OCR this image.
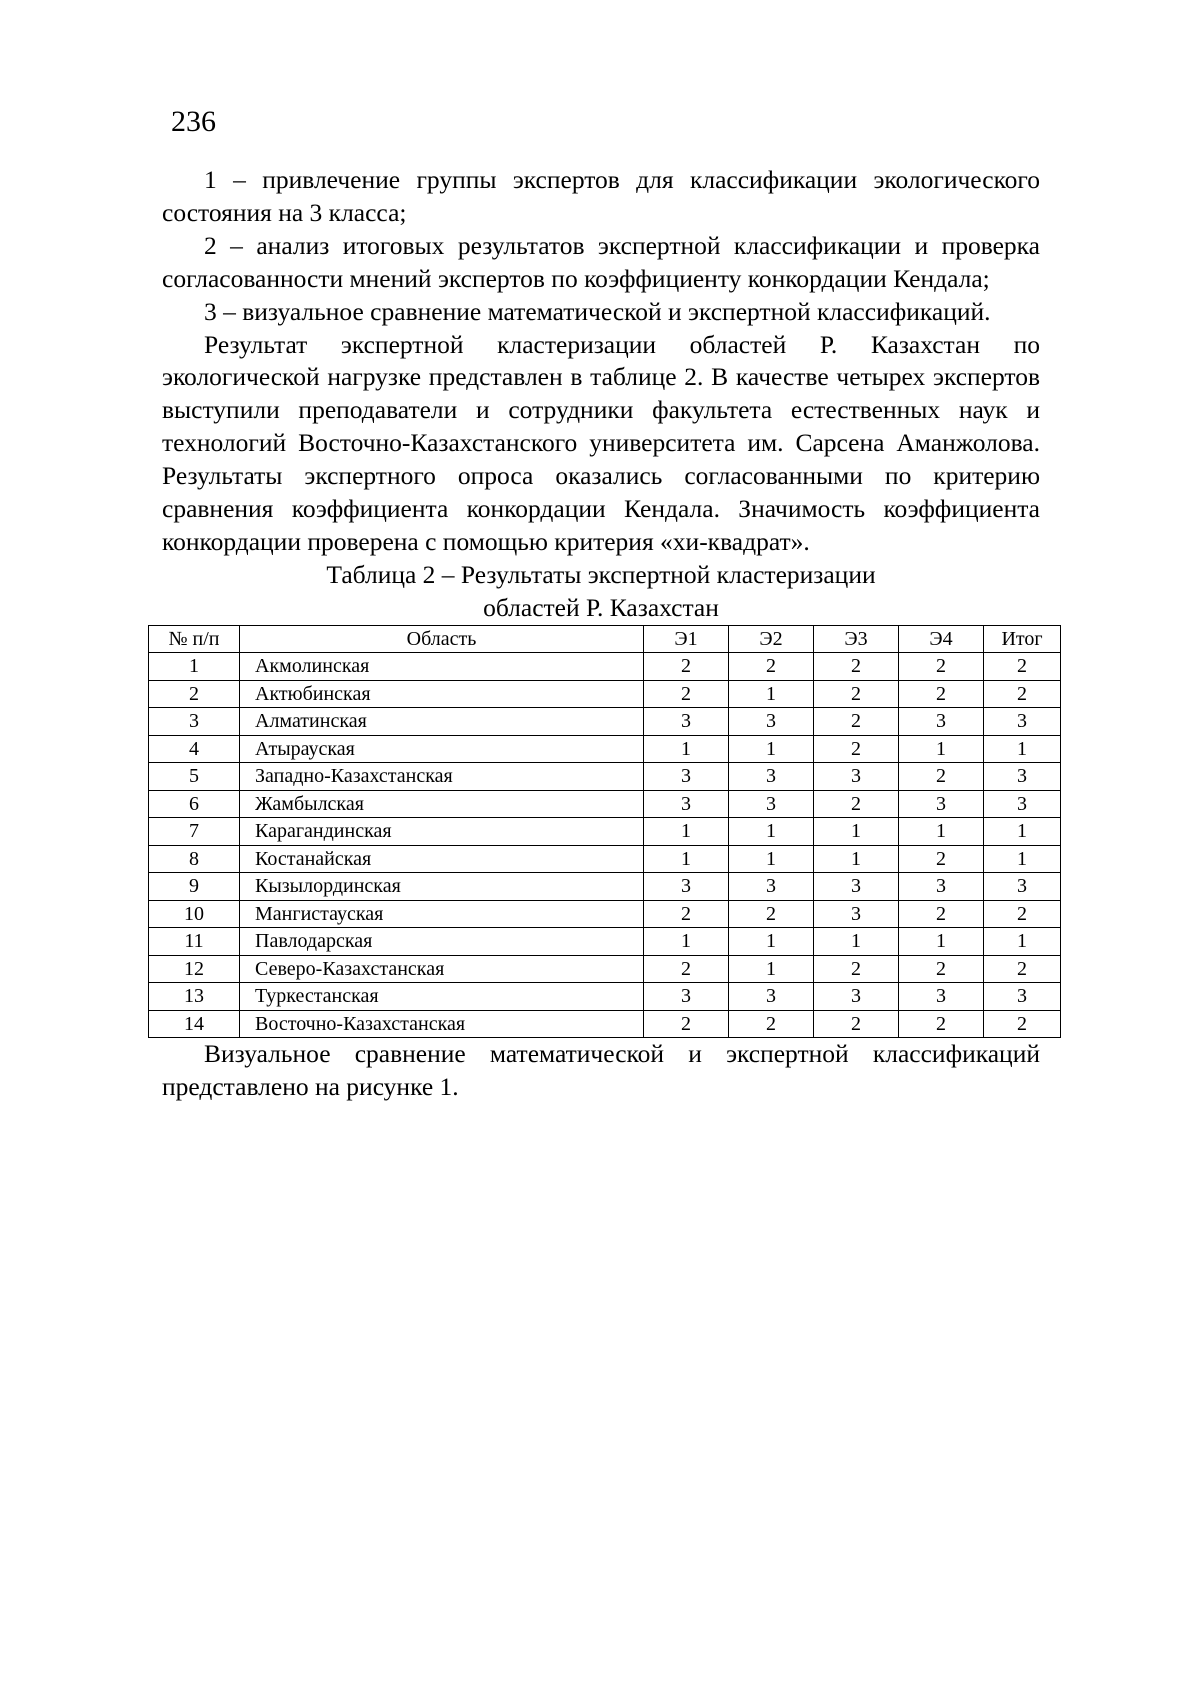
236

1 – привлечение группы экспертов для классификации экологического состояния на 3 класса;

2 – анализ итоговых результатов экспертной классификации и проверка согласованности мнений экспертов по коэффициенту конкордации Кендала;

3 – визуальное сравнение математической и экспертной классификаций.

Результат экспертной кластеризации областей Р. Казахстан по экологической нагрузке представлен в таблице 2. В качестве четырех экспертов выступили преподаватели и сотрудники факультета естественных наук и технологий Восточно-Казахстанского университета им. Сарсена Аманжолова. Результаты экспертного опроса оказались согласованными по критерию сравнения коэффициента конкордации Кендала. Значимость коэффициента конкордации проверена с помощью критерия «хи-квадрат».

Таблица 2 – Результаты экспертной кластеризации

областей Р. Казахстан

№ п/п	Область	Э1	Э2	Э3	Э4	Итог
1	Акмолинская	2	2	2	2	2
2	Актюбинская	2	1	2	2	2
3	Алматинская	3	3	2	3	3
4	Атырауская	1	1	2	1	1
5	Западно-Казахстанская	3	3	3	2	3
6	Жамбылская	3	3	2	3	3
7	Карагандинская	1	1	1	1	1
8	Костанайская	1	1	1	2	1
9	Кызылординская	3	3	3	3	3
10	Мангистауская	2	2	3	2	2
11	Павлодарская	1	1	1	1	1
12	Северо-Казахстанская	2	1	2	2	2
13	Туркестанская	3	3	3	3	3
14	Восточно-Казахстанская	2	2	2	2	2

Визуальное сравнение математической и экспертной классификаций представлено на рисунке 1.
